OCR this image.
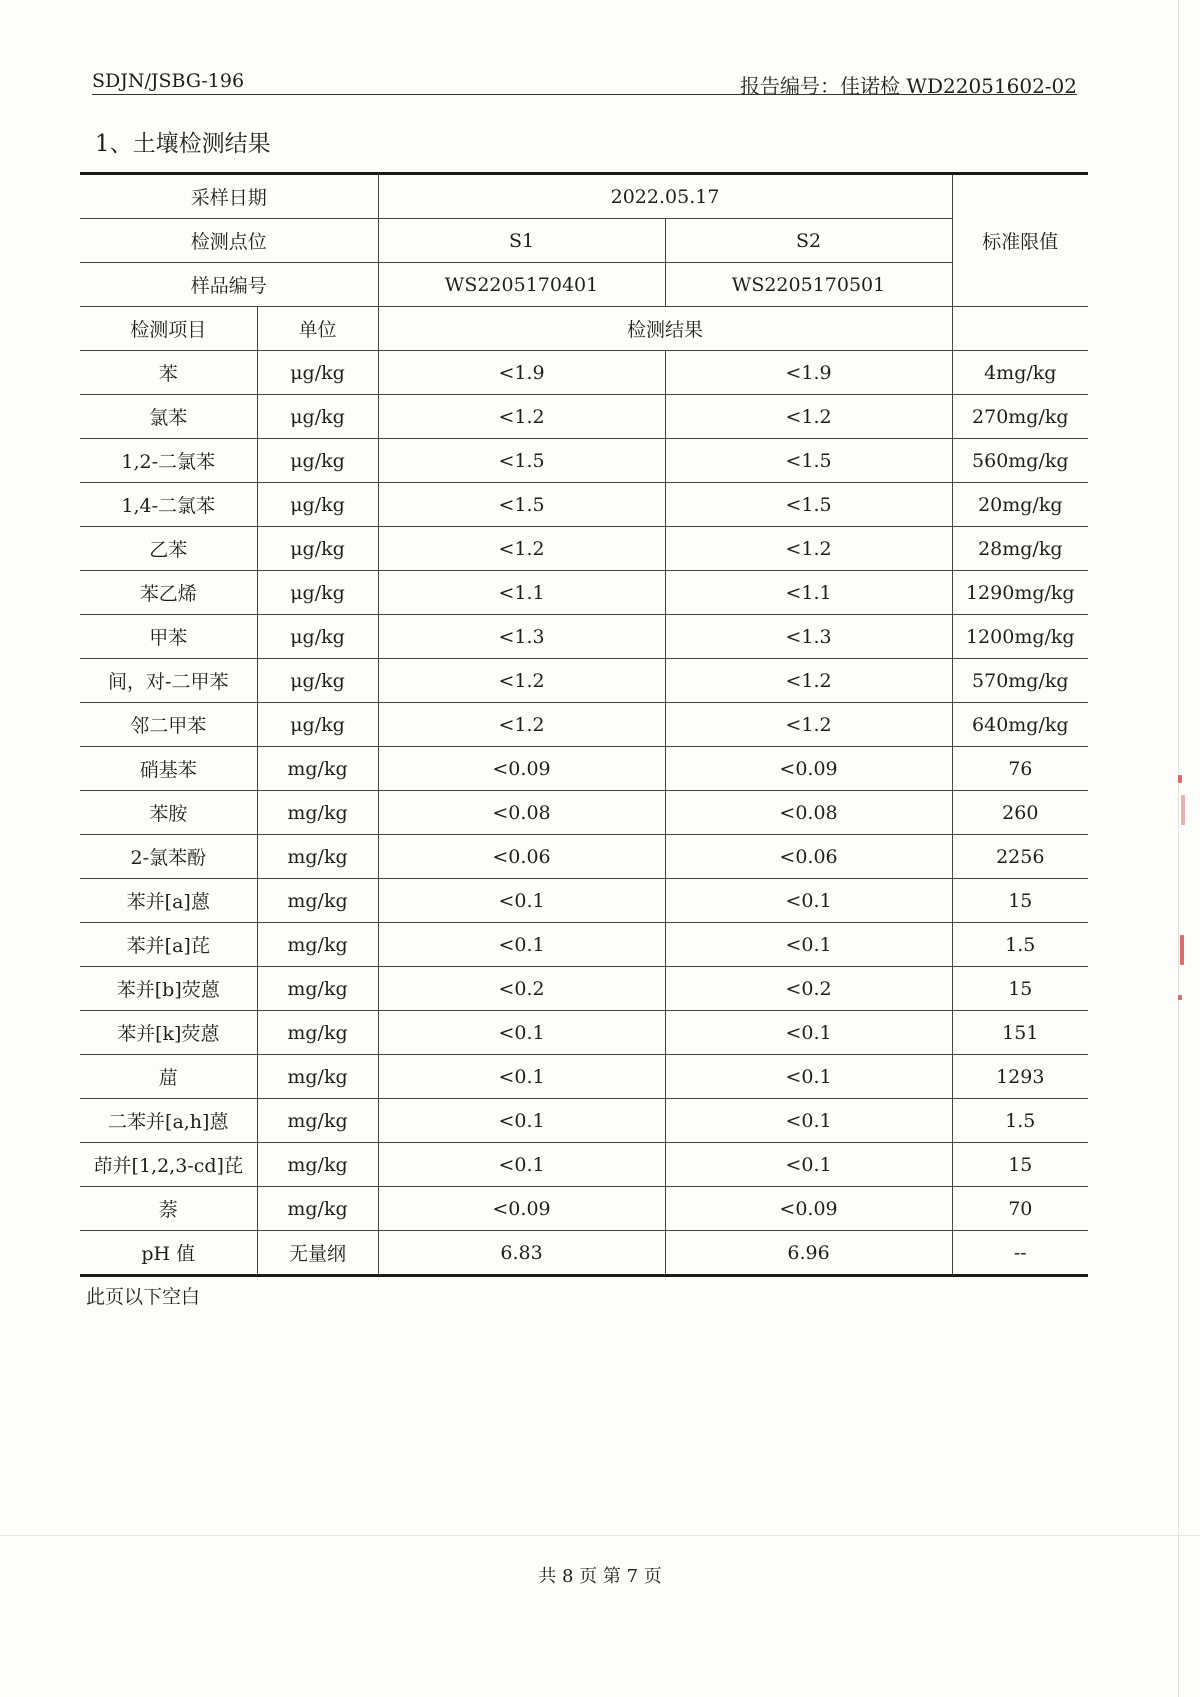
SDJN/JSBG-196	报告编号：佳诺检 WD22051602-02
1、土壤检测结果
采样日期		2022.05.17		标准限值
检测点位		S1	S2	
样品编号		WS2205170401	WS2205170501	
检测项目	单位	检测结果		
苯	μg/kg	<1.9	<1.9	4mg/kg
氯苯	μg/kg	<1.2	<1.2	270mg/kg
1,2-二氯苯	μg/kg	<1.5	<1.5	560mg/kg
1,4-二氯苯	μg/kg	<1.5	<1.5	20mg/kg
乙苯	μg/kg	<1.2	<1.2	28mg/kg
苯乙烯	μg/kg	<1.1	<1.1	1290mg/kg
甲苯	μg/kg	<1.3	<1.3	1200mg/kg
间，对-二甲苯	μg/kg	<1.2	<1.2	570mg/kg
邻二甲苯	μg/kg	<1.2	<1.2	640mg/kg
硝基苯	mg/kg	<0.09	<0.09	76
苯胺	mg/kg	<0.08	<0.08	260
2-氯苯酚	mg/kg	<0.06	<0.06	2256
苯并[a]蒽	mg/kg	<0.1	<0.1	15
苯并[a]芘	mg/kg	<0.1	<0.1	1.5
苯并[b]荧蒽	mg/kg	<0.2	<0.2	15
苯并[k]荧蒽	mg/kg	<0.1	<0.1	151
䓛	mg/kg	<0.1	<0.1	1293
二苯并[a,h]蒽	mg/kg	<0.1	<0.1	1.5
茚并[1,2,3-cd]芘	mg/kg	<0.1	<0.1	15
萘	mg/kg	<0.09	<0.09	70
pH 值	无量纲	6.83	6.96	--
此页以下空白
共 8 页 第 7 页
